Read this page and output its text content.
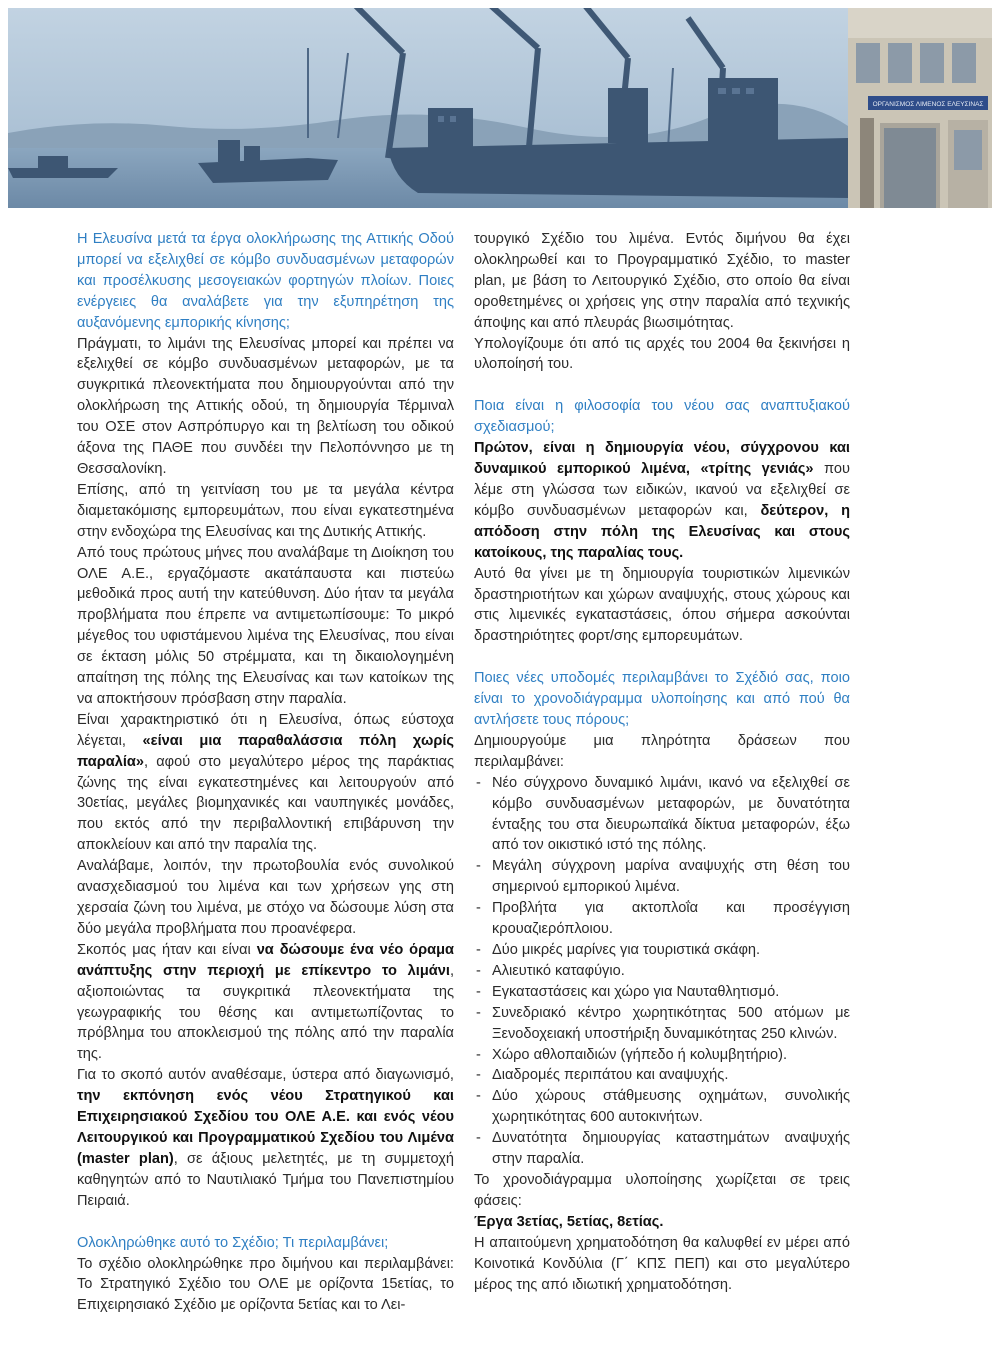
ΟΡΓΑΝΙΣΜΟΣ ΛΙΜΕΝΟΣ ΕΛΕΥΣΙΝΑΣ

Η Ελευσίνα μετά τα έργα ολοκλήρωσης της Αττικής Οδού μπορεί να εξελιχθεί σε κόμβο συνδυασμένων μεταφορών και προσέλκυσης μεσογειακών φορτηγών πλοίων. Ποιες ενέργειες θα αναλάβετε για την εξυπηρέτηση της αυξανόμενης εμπορικής κίνησης;

Πράγματι, το λιμάνι της Ελευσίνας μπορεί και πρέπει να εξελιχθεί σε κόμβο συνδυασμένων μεταφορών, με τα συγκριτικά πλεονεκτήματα που δημιουργούνται από την ολοκλήρωση της Αττικής οδού, τη δημιουργία Τέρμιναλ του ΟΣΕ στον Ασπρόπυργο και τη βελτίωση του οδικού άξονα της ΠΑΘΕ που συνδέει την Πελοπόννησο με τη Θεσσαλονίκη.

Επίσης, από τη γειτνίαση του με τα μεγάλα κέντρα διαμετακόμισης εμπορευμάτων, που είναι εγκατεστημένα στην ενδοχώρα της Ελευσίνας και της Δυτικής Αττικής.

Από τους πρώτους μήνες που αναλάβαμε τη Διοίκηση του ΟΛΕ Α.Ε., εργαζόμαστε ακατάπαυστα και πιστεύω μεθοδικά προς αυτή την κατεύθυνση. Δύο ήταν τα μεγάλα προβλήματα που έπρεπε να αντιμετωπίσουμε: Το μικρό μέγεθος του υφιστάμενου λιμένα της Ελευσίνας, που είναι σε έκταση μόλις 50 στρέμματα, και τη δικαιολογημένη απαίτηση της πόλης της Ελευσίνας και των κατοίκων της να αποκτήσουν πρόσβαση στην παραλία.

Είναι χαρακτηριστικό ότι η Ελευσίνα, όπως εύστοχα λέγεται, «είναι μια παραθαλάσσια πόλη χωρίς παραλία», αφού στο μεγαλύτερο μέρος της παράκτιας ζώνης της είναι εγκατεστημένες και λειτουργούν από 30ετίας, μεγάλες βιομηχανικές και ναυπηγικές μονάδες, που εκτός από την περιβαλλοντική επιβάρυνση την αποκλείουν και από την παραλία της.

Αναλάβαμε, λοιπόν, την πρωτοβουλία ενός συνολικού ανασχεδιασμού του λιμένα και των χρήσεων γης στη χερσαία ζώνη του λιμένα, με στόχο να δώσουμε λύση στα δύο μεγάλα προβλήματα που προανέφερα.

Σκοπός μας ήταν και είναι να δώσουμε ένα νέο όραμα ανάπτυξης στην περιοχή με επίκεντρο το λιμάνι, αξιοποιώντας τα συγκριτικά πλεονεκτήματα της γεωγραφικής του θέσης και αντιμετωπίζοντας το πρόβλημα του αποκλεισμού της πόλης από την παραλία της.

Για το σκοπό αυτόν αναθέσαμε, ύστερα από διαγωνισμό, την εκπόνηση ενός νέου Στρατηγικού και Επιχειρησιακού Σχεδίου του ΟΛΕ Α.Ε. και ενός νέου Λειτουργικού και Προγραμματικού Σχεδίου του Λιμένα (master plan), σε άξιους μελετητές, με τη συμμετοχή καθηγητών από το Ναυτιλιακό Τμήμα του Πανεπιστημίου Πειραιά.

Ολοκληρώθηκε αυτό το Σχέδιο; Τι περιλαμβάνει;

Το σχέδιο ολοκληρώθηκε προ διμήνου και περιλαμβάνει: Το Στρατηγικό Σχέδιο του ΟΛΕ με ορίζοντα 15ετίας, το Επιχειρησιακό Σχέδιο με ορίζοντα 5ετίας και το Λει-

τουργικό Σχέδιο του λιμένα. Εντός διμήνου θα έχει ολοκληρωθεί και το Προγραμματικό Σχέδιο, το master plan, με βάση το Λειτουργικό Σχέδιο, στο οποίο θα είναι οροθετημένες οι χρήσεις γης στην παραλία από τεχνικής άποψης και από πλευράς βιωσιμότητας.

Υπολογίζουμε ότι από τις αρχές του 2004 θα ξεκινήσει η υλοποίησή του.

Ποια είναι η φιλοσοφία του νέου σας αναπτυξιακού σχεδιασμού;

Πρώτον, είναι η δημιουργία νέου, σύγχρονου και δυναμικού εμπορικού λιμένα, «τρίτης γενιάς» που λέμε στη γλώσσα των ειδικών, ικανού να εξελιχθεί σε κόμβο συνδυασμένων μεταφορών και, δεύτερον, η απόδοση στην πόλη της Ελευσίνας και στους κατοίκους, της παραλίας τους.

Αυτό θα γίνει με τη δημιουργία τουριστικών λιμενικών δραστηριοτήτων και χώρων αναψυχής, στους χώρους και στις λιμενικές εγκαταστάσεις, όπου σήμερα ασκούνται δραστηριότητες φορτ/σης εμπορευμάτων.

Ποιες νέες υποδομές περιλαμβάνει το Σχέδιό σας, ποιο είναι το χρονοδιάγραμμα υλοποίησης και από πού θα αντλήσετε τους πόρους;

Δημιουργούμε μια πληρότητα δράσεων που περιλαμβάνει:

- Νέο σύγχρονο δυναμικό λιμάνι, ικανό να εξελιχθεί σε κόμβο συνδυασμένων μεταφορών, με δυνατότητα ένταξης του στα διευρωπαϊκά δίκτυα μεταφορών, έξω από τον οικιστικό ιστό της πόλης.
- Μεγάλη σύγχρονη μαρίνα αναψυχής στη θέση του σημερινού εμπορικού λιμένα.
- Προβλήτα για ακτοπλοΐα και προσέγγιση κρουαζιερόπλοιου.
- Δύο μικρές μαρίνες για τουριστικά σκάφη.
- Αλιευτικό καταφύγιο.
- Εγκαταστάσεις και χώρο για Ναυταθλητισμό.
- Συνεδριακό κέντρο χωρητικότητας 500 ατόμων με Ξενοδοχειακή υποστήριξη δυναμικότητας 250 κλινών.
- Χώρο αθλοπαιδιών (γήπεδο ή κολυμβητήριο).
- Διαδρομές περιπάτου και αναψυχής.
- Δύο χώρους στάθμευσης οχημάτων, συνολικής χωρητικότητας 600 αυτοκινήτων.
- Δυνατότητα δημιουργίας καταστημάτων αναψυχής στην παραλία.

Το χρονοδιάγραμμα υλοποίησης χωρίζεται σε τρεις φάσεις:

Έργα 3ετίας, 5ετίας, 8ετίας.

Η απαιτούμενη χρηματοδότηση θα καλυφθεί εν μέρει από Κοινοτικά Κονδύλια (Γ΄ ΚΠΣ ΠΕΠ) και στο μεγαλύτερο μέρος της από ιδιωτική χρηματοδότηση.
